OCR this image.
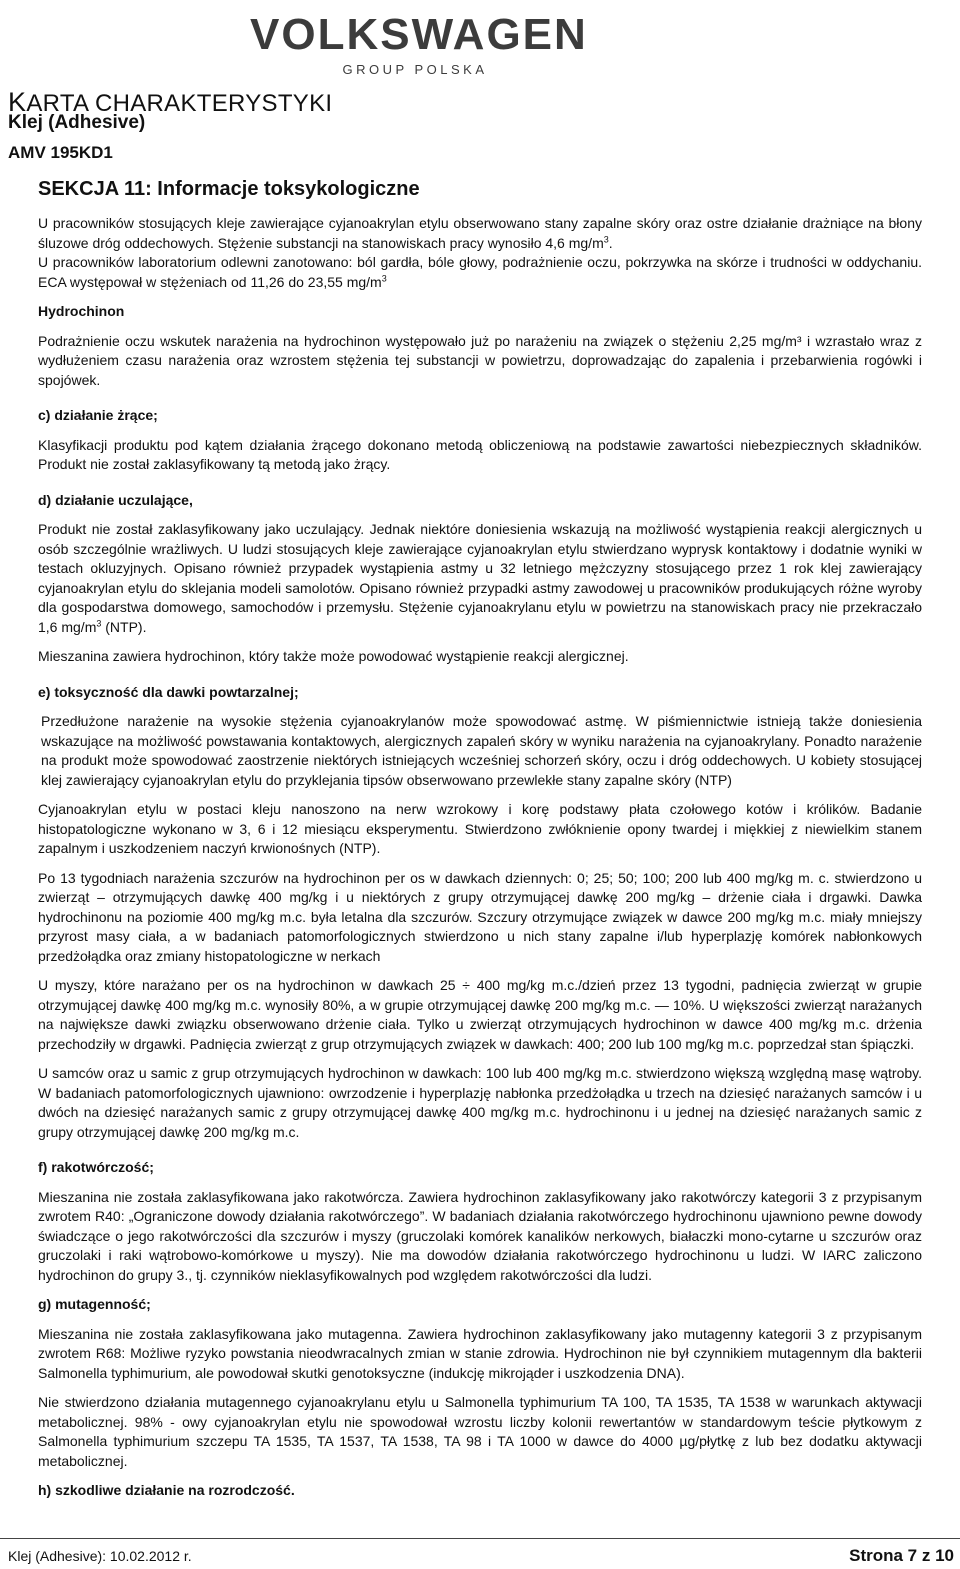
VOLKSWAGEN
GROUP POLSKA
KARTA CHARAKTERYSTYKI
Klej (Adhesive)
AMV 195KD1
SEKCJA 11: Informacje toksykologiczne

U pracowników stosujących kleje zawierające cyjanoakrylan etylu obserwowano stany zapalne skóry oraz ostre działanie drażniące na błony śluzowe dróg oddechowych. Stężenie substancji na stanowiskach pracy wynosiło 4,6 $mg/m^3$.

U pracowników laboratorium odlewni zanotowano: ból gardła, bóle głowy, podrażnienie oczu, pokrzywka na skórze i trudności w oddychaniu. ECA występował w stężeniach od 11,26 do 23,55 $mg/m^3$

Hydrochinon

Podrażnienie oczu wskutek narażenia na hydrochinon występowało już po narażeniu na związek o stężeniu 2,25 mg/m³ i wzrastało wraz z wydłużeniem czasu narażenia oraz wzrostem stężenia tej substancji w powietrzu, doprowadzając do zapalenia i przebarwienia rogówki i spojówek.

c) działanie żrące;

Klasyfikacji produktu pod kątem działania żrącego dokonano metodą obliczeniową na podstawie zawartości niebezpiecznych składników. Produkt nie został zaklasyfikowany tą metodą jako żrący.

d) działanie uczulające,

Produkt nie został zaklasyfikowany jako uczulający. Jednak niektóre doniesienia wskazują na możliwość wystąpienia reakcji alergicznych u osób szczególnie wrażliwych. U ludzi stosujących kleje zawierające cyjanoakrylan etylu stwierdzano wyprysk kontaktowy i dodatnie wyniki w testach okluzyjnych. Opisano również przypadek wystąpienia astmy u 32 letniego mężczyzny stosującego przez 1 rok klej zawierający cyjanoakrylan etylu do sklejania modeli samolotów. Opisano również przypadki astmy zawodowej u pracowników produkujących różne wyroby dla gospodarstwa domowego, samochodów i przemysłu. Stężenie cyjanoakrylanu etylu w powietrzu na stanowiskach pracy nie przekraczało 1,6 $mg/m^3$ (NTP).

Mieszanina zawiera hydrochinon, który także może powodować wystąpienie reakcji alergicznej.

e) toksyczność dla dawki powtarzalnej;

Przedłużone narażenie na wysokie stężenia cyjanoakrylanów może spowodować astmę. W piśmiennictwie istnieją także doniesienia wskazujące na możliwość powstawania kontaktowych, alergicznych zapaleń skóry w wyniku narażenia na cyjanoakrylany. Ponadto narażenie na produkt może spowodować zaostrzenie niektórych istniejących wcześniej schorzeń skóry, oczu i dróg oddechowych. U kobiety stosującej klej zawierający cyjanoakrylan etylu do przyklejania tipsów obserwowano przewlekłe stany zapalne skóry (NTP)

Cyjanoakrylan etylu w postaci kleju nanoszono na nerw wzrokowy i korę podstawy płata czołowego kotów i królików. Badanie histopatologiczne wykonano w 3, 6 i 12 miesiącu eksperymentu. Stwierdzono zwłóknienie opony twardej i miękkiej z niewielkim stanem zapalnym i uszkodzeniem naczyń krwionośnych (NTP).

Po 13 tygodniach narażenia szczurów na hydrochinon per os w dawkach dziennych: 0; 25; 50; 100; 200 lub 400 mg/kg m. c. stwierdzono u zwierząt – otrzymujących dawkę 400 mg/kg i u niektórych z grupy otrzymującej dawkę 200 mg/kg – drżenie ciała i drgawki. Dawka hydrochinonu na poziomie 400 mg/kg m.c. była letalna dla szczurów. Szczury otrzymujące związek w dawce 200 mg/kg m.c. miały mniejszy przyrost masy ciała, a w badaniach patomorfologicznych stwierdzono u nich stany zapalne i/lub hyperplazję komórek nabłonkowych przedżołądka oraz zmiany histopatologiczne w nerkach

U myszy, które narażano per os na hydrochinon w dawkach 25 ÷ 400 mg/kg m.c./dzień przez 13 tygodni, padnięcia zwierząt w grupie otrzymującej dawkę 400 mg/kg m.c. wynosiły 80%, a w grupie otrzymującej dawkę 200 mg/kg m.c. — 10%. U większości zwierząt narażanych na największe dawki związku obserwowano drżenie ciała. Tylko u zwierząt otrzymujących hydrochinon w dawce 400 mg/kg m.c. drżenia przechodziły w drgawki. Padnięcia zwierząt z grup otrzymujących związek w dawkach: 400; 200 lub 100 mg/kg m.c. poprzedzał stan śpiączki.

U samców oraz u samic z grup otrzymujących hydrochinon w dawkach: 100 lub 400 mg/kg m.c. stwierdzono większą względną masę wątroby. W badaniach patomorfologicznych ujawniono: owrzodzenie i hyperplazję nabłonka przedżołądka u trzech na dziesięć narażanych samców i u dwóch na dziesięć narażanych samic z grupy otrzymującej dawkę 400 mg/kg m.c. hydrochinonu i u jednej na dziesięć narażanych samic z grupy otrzymującej dawkę 200 mg/kg m.c.

f) rakotwórczość;

Mieszanina nie została zaklasyfikowana jako rakotwórcza. Zawiera hydrochinon zaklasyfikowany jako rakotwórczy kategorii 3 z przypisanym zwrotem R40: „Ograniczone dowody działania rakotwórczego”. W badaniach działania rakotwórczego hydrochinonu ujawniono pewne dowody świadczące o jego rakotwórczości dla szczurów i myszy (gruczolaki komórek kanalików nerkowych, białaczki mono-cytarne u szczurów oraz gruczolaki i raki wątrobowo-komórkowe u myszy). Nie ma dowodów działania rakotwórczego hydrochinonu u ludzi. W IARC zaliczono hydrochinon do grupy 3., tj. czynników nieklasyfikowalnych pod względem rakotwórczości dla ludzi.

g) mutagenność;

Mieszanina nie została zaklasyfikowana jako mutagenna. Zawiera hydrochinon zaklasyfikowany jako mutagenny kategorii 3 z przypisanym zwrotem R68: Możliwe ryzyko powstania nieodwracalnych zmian w stanie zdrowia. Hydrochinon nie był czynnikiem mutagennym dla bakterii Salmonella typhimurium, ale powodował skutki genotoksyczne (indukcję mikrojąder i uszkodzenia DNA).

Nie stwierdzono działania mutagennego cyjanoakrylanu etylu u Salmonella typhimurium TA 100, TA 1535, TA 1538 w warunkach aktywacji metabolicznej. 98% - owy cyjanoakrylan etylu nie spowodował wzrostu liczby kolonii rewertantów w standardowym teście płytkowym z Salmonella typhimurium szczepu TA 1535, TA 1537, TA 1538, TA 98 i TA 1000 w dawce do 4000 µg/płytkę z lub bez dodatku aktywacji metabolicznej.

h) szkodliwe działanie na rozrodczość.

Klej (Adhesive): 10.02.2012 r.	Strona 7 z 10
